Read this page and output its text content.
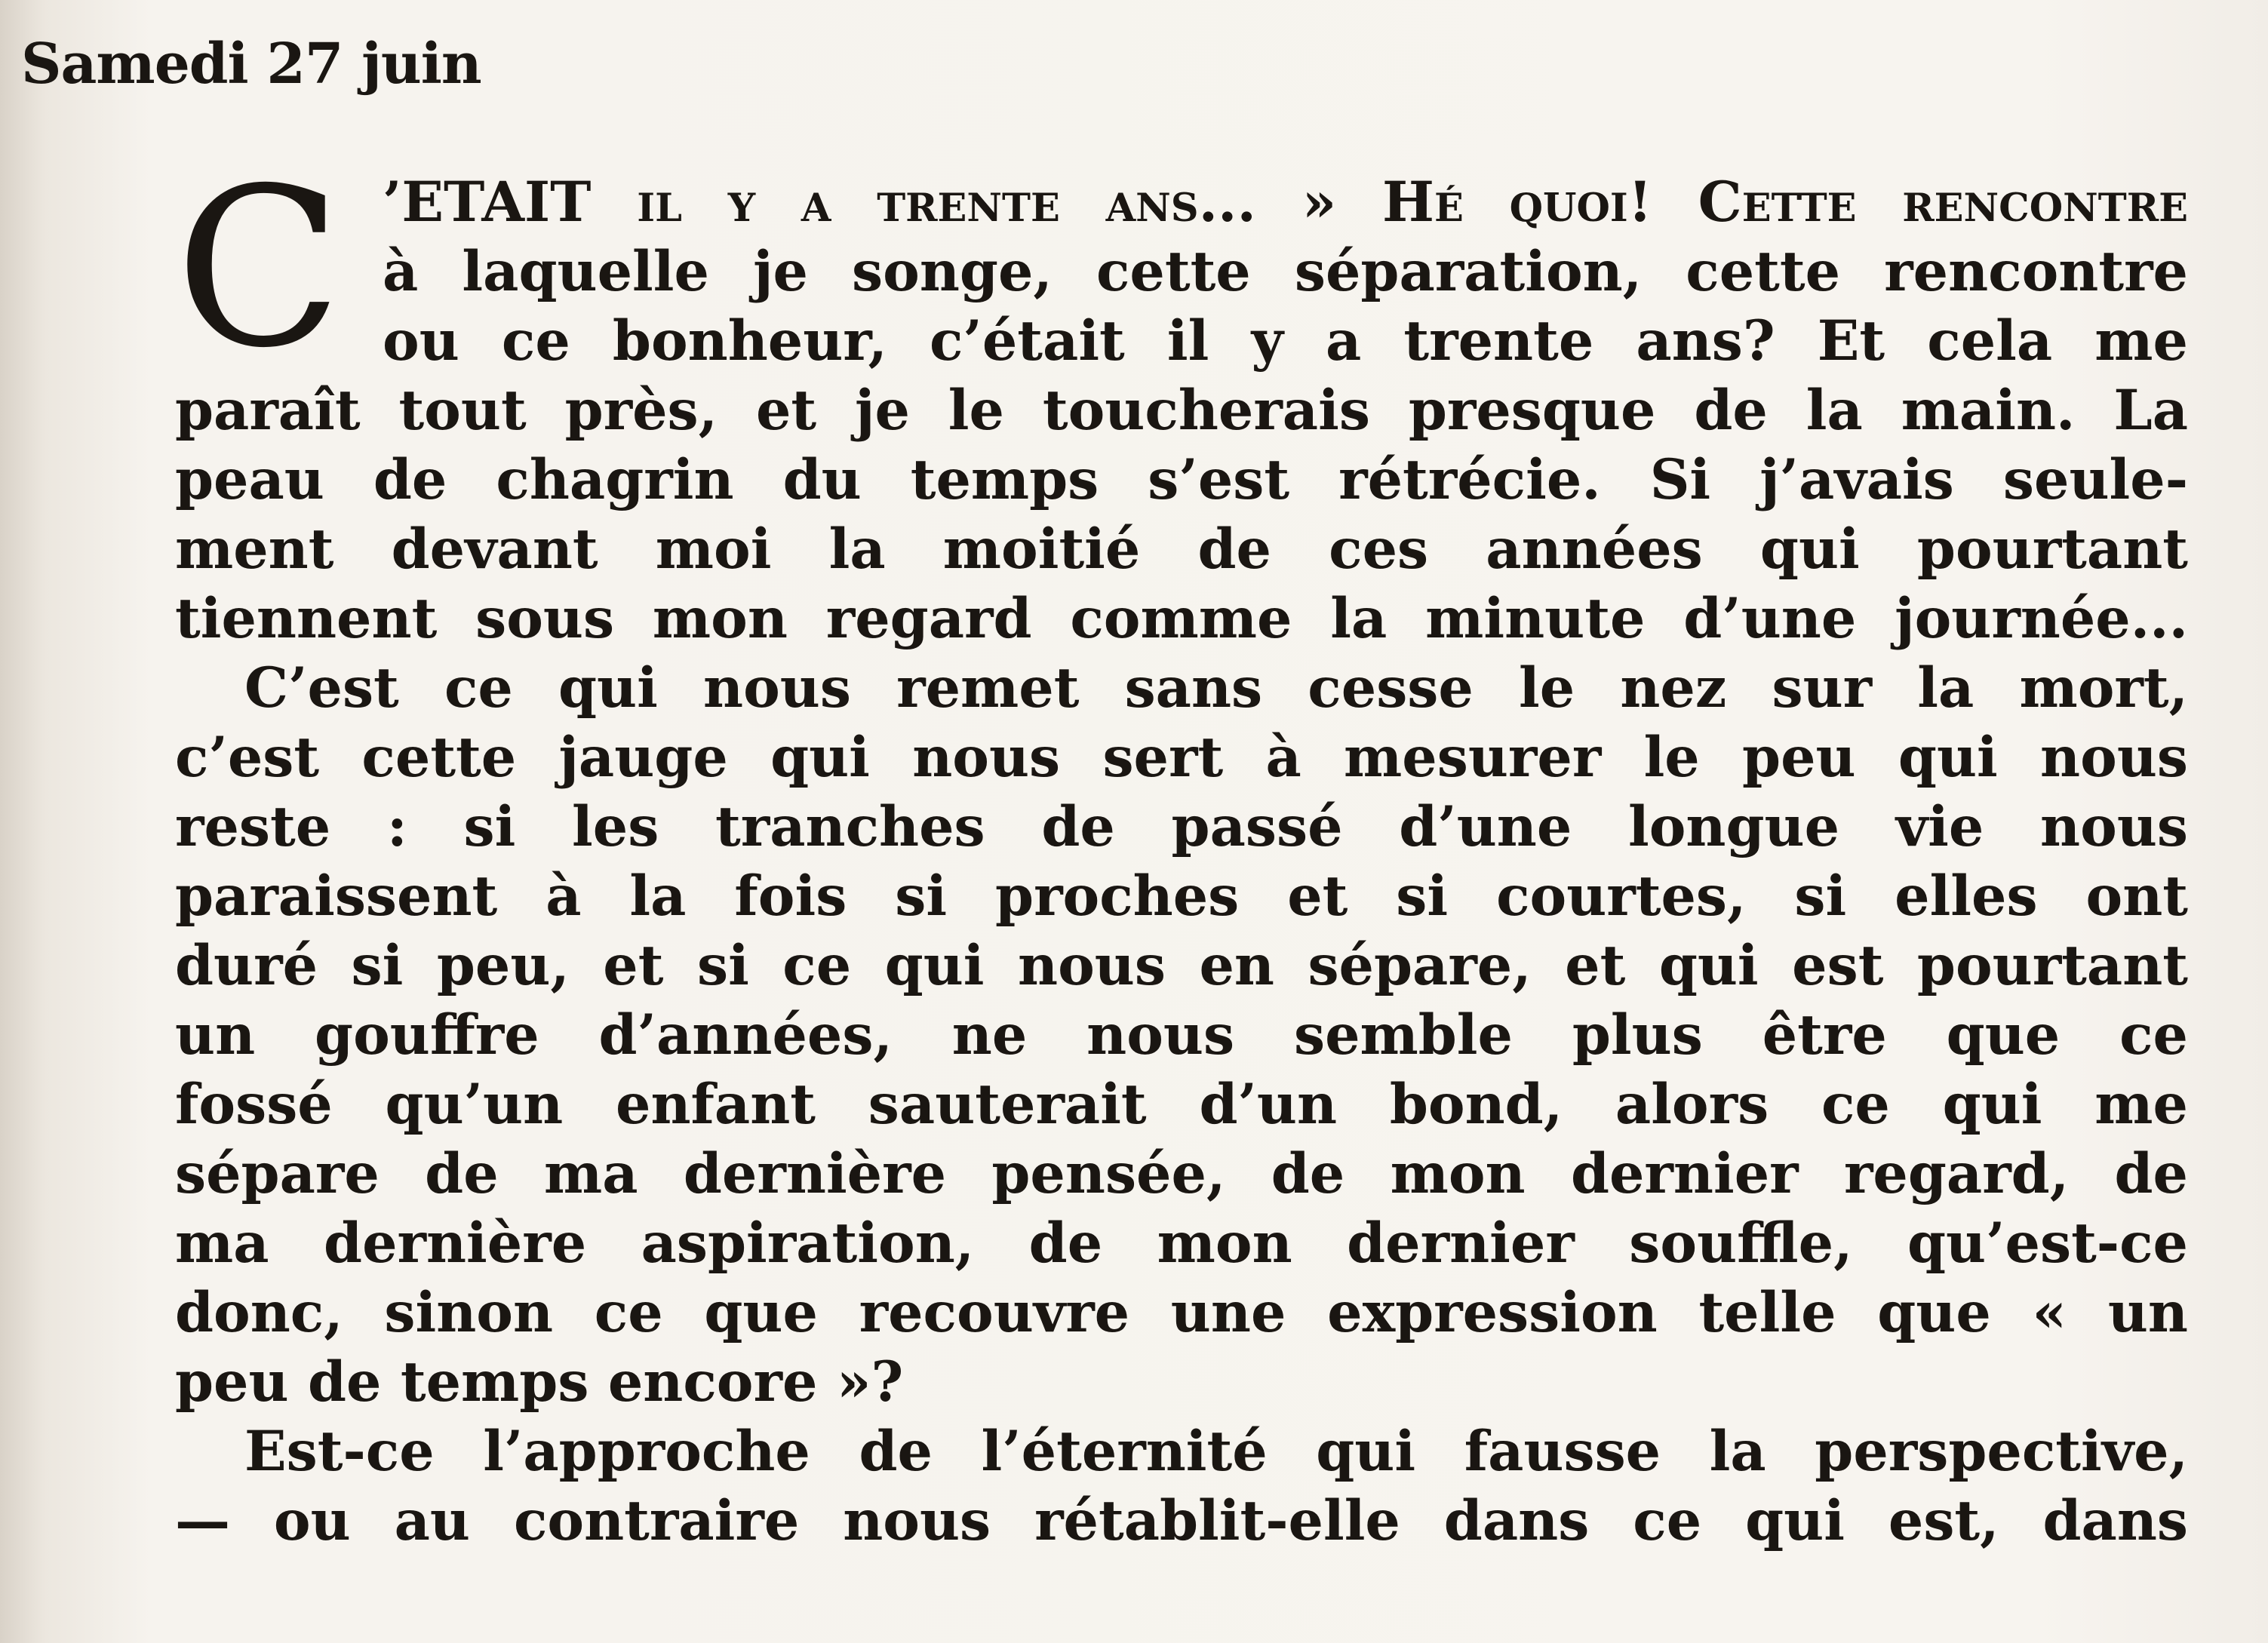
Samedi 27 juin
C ’ETAIT il y a trente ans... » Hé quoi! Cette rencontre
à laquelle je songe, cette séparation, cette rencontre
ou ce bonheur, c’était il y a trente ans? Et cela me
paraît tout près, et je le toucherais presque de la main. La
peau de chagrin du temps s’est rétrécie. Si j’avais seule-
ment devant moi la moitié de ces années qui pourtant
tiennent sous mon regard comme la minute d’une journée...
C’est ce qui nous remet sans cesse le nez sur la mort,
c’est cette jauge qui nous sert à mesurer le peu qui nous
reste : si les tranches de passé d’une longue vie nous
paraissent à la fois si proches et si courtes, si elles ont
duré si peu, et si ce qui nous en sépare, et qui est pourtant
un gouffre d’années, ne nous semble plus être que ce
fossé qu’un enfant sauterait d’un bond, alors ce qui me
sépare de ma dernière pensée, de mon dernier regard, de
ma dernière aspiration, de mon dernier souffle, qu’est-ce
donc, sinon ce que recouvre une expression telle que « un
peu de temps encore »?
Est-ce l’approche de l’éternité qui fausse la perspective,
— ou au contraire nous rétablit-elle dans ce qui est, dans
